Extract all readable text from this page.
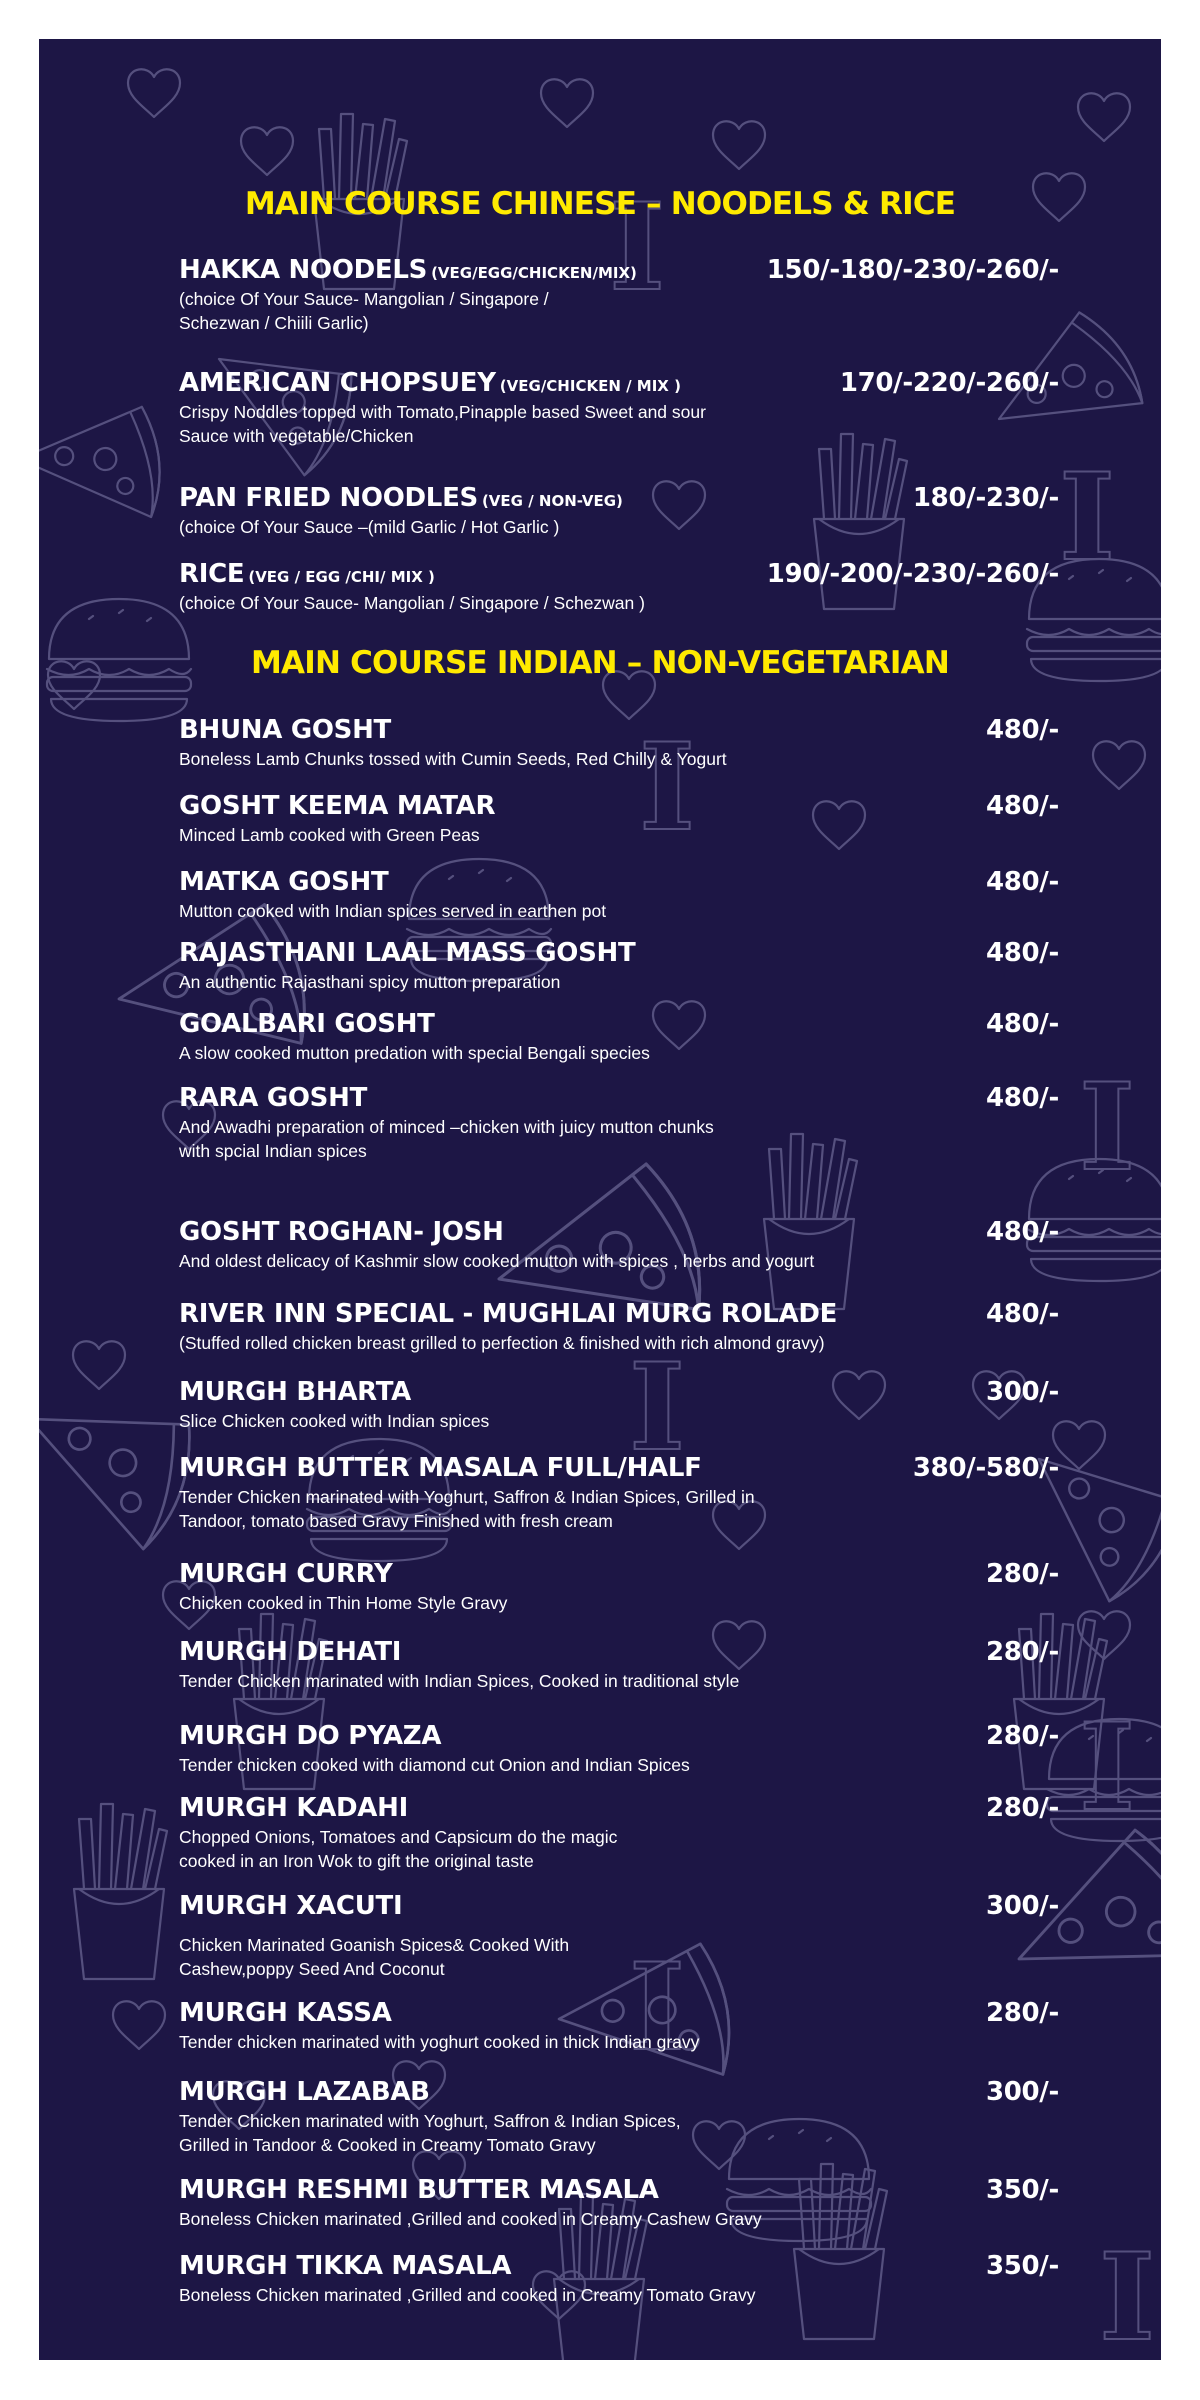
I
I
I
I
I
I
I
I
MAIN COURSE CHINESE – NOODELS & RICE
HAKKA NOODELS (VEG/EGG/CHICKEN/MIX)	150/-180/-230/-260/-
(choice Of Your Sauce- Mangolian / Singapore /
Schezwan / Chiili Garlic)
AMERICAN CHOPSUEY (VEG/CHICKEN / MIX )	170/-220/-260/-
Crispy Noddles topped with Tomato,Pinapple based Sweet and sour
Sauce with vegetable/Chicken
PAN FRIED NOODLES (VEG / NON-VEG)	180/-230/-
(choice Of Your Sauce –(mild Garlic / Hot Garlic )
RICE (VEG / EGG /CHI/ MIX )	190/-200/-230/-260/-
(choice Of Your Sauce- Mangolian / Singapore / Schezwan )
MAIN COURSE INDIAN – NON-VEGETARIAN
BHUNA GOSHT	480/-
Boneless Lamb Chunks tossed with Cumin Seeds, Red Chilly & Yogurt
GOSHT KEEMA MATAR	480/-
Minced Lamb cooked with Green Peas
MATKA GOSHT	480/-
Mutton cooked with Indian spices served in earthen pot
RAJASTHANI LAAL MASS GOSHT	480/-
An authentic Rajasthani spicy mutton preparation
GOALBARI GOSHT	480/-
A slow cooked mutton predation with special Bengali species
RARA GOSHT	480/-
And Awadhi preparation of minced –chicken with juicy mutton chunks
with spcial Indian spices
GOSHT ROGHAN- JOSH	480/-
And oldest delicacy of Kashmir slow cooked mutton with spices , herbs and yogurt
RIVER INN SPECIAL - MUGHLAI MURG ROLADE	480/-
(Stuffed rolled chicken breast grilled to perfection & finished with rich almond gravy)
MURGH BHARTA	300/-
Slice Chicken cooked with Indian spices
MURGH BUTTER MASALA FULL/HALF	380/-580/-
Tender Chicken marinated with Yoghurt, Saffron & Indian Spices, Grilled in
Tandoor, tomato based Gravy Finished with fresh cream
MURGH CURRY	280/-
Chicken cooked in Thin Home Style Gravy
MURGH DEHATI	280/-
Tender Chicken marinated with Indian Spices, Cooked in traditional style
MURGH DO PYAZA	280/-
Tender chicken cooked with diamond cut Onion and Indian Spices
MURGH KADAHI	280/-
Chopped Onions, Tomatoes and Capsicum do the magic
cooked in an Iron Wok to gift the original taste
MURGH XACUTI	300/-
Chicken Marinated Goanish Spices& Cooked With
Cashew,poppy Seed And Coconut
MURGH KASSA	280/-
Tender chicken marinated with yoghurt cooked in thick Indian gravy
MURGH LAZABAB	300/-
Tender Chicken marinated with Yoghurt, Saffron & Indian Spices,
Grilled in Tandoor & Cooked in Creamy Tomato Gravy
MURGH RESHMI BUTTER MASALA	350/-
Boneless Chicken marinated ,Grilled and cooked in Creamy Cashew Gravy
MURGH TIKKA MASALA	350/-
Boneless Chicken marinated ,Grilled and cooked in Creamy Tomato Gravy
